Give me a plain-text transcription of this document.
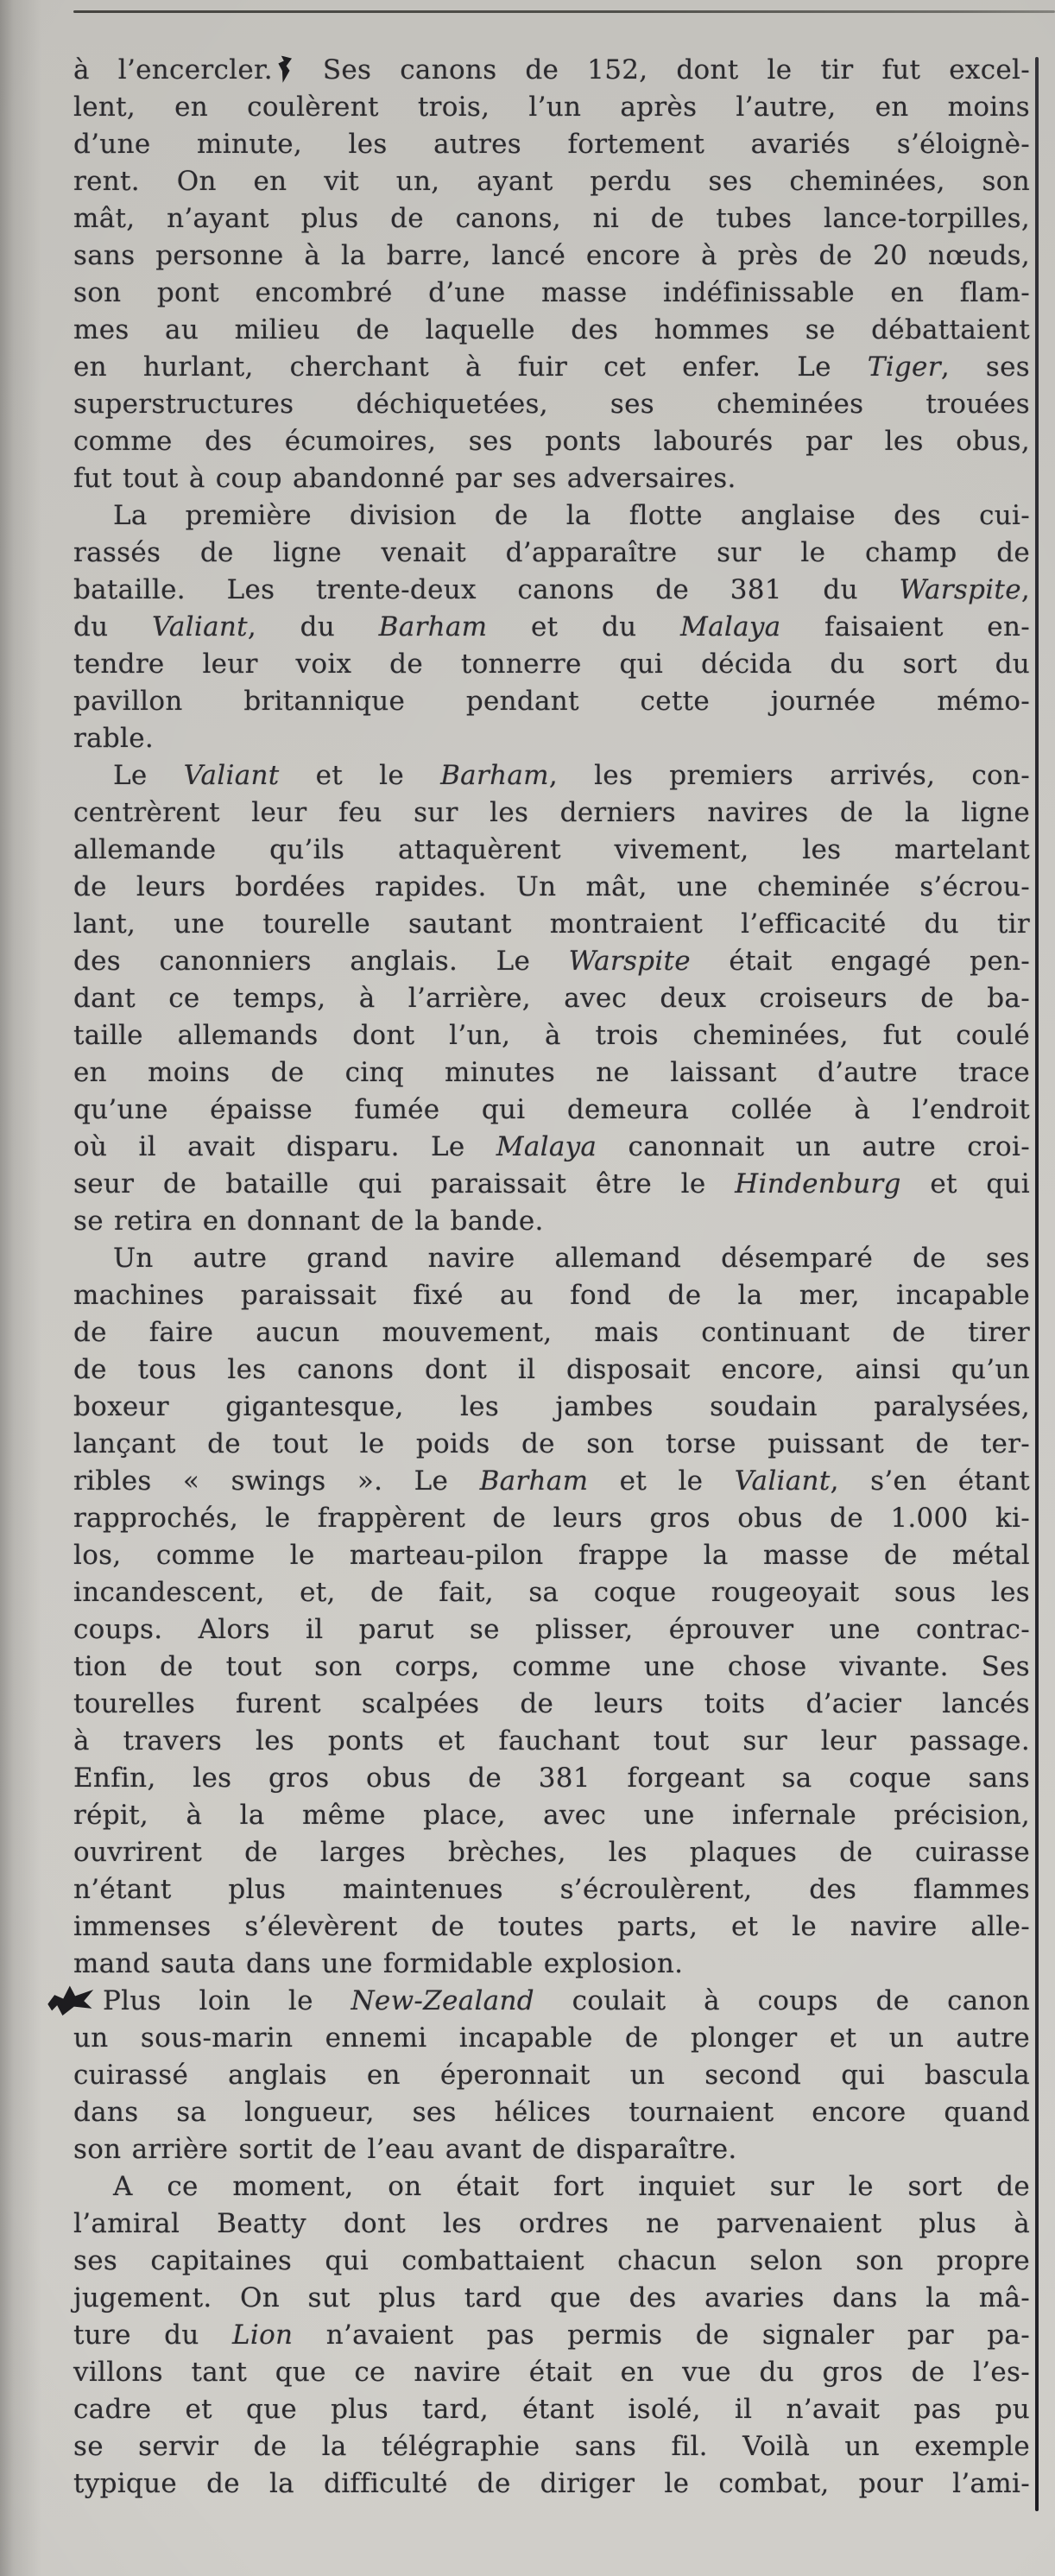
à l’encercler. Ses canons de 152, dont le tir fut excel-
lent, en coulèrent trois, l’un après l’autre, en moins
d’une minute, les autres fortement avariés s’éloignè-
rent. On en vit un, ayant perdu ses cheminées, son
mât, n’ayant plus de canons, ni de tubes lance-torpilles,
sans personne à la barre, lancé encore à près de 20 nœuds,
son pont encombré d’une masse indéfinissable en flam-
mes au milieu de laquelle des hommes se débattaient
en hurlant, cherchant à fuir cet enfer. Le Tiger, ses
superstructures déchiquetées, ses cheminées trouées
comme des écumoires, ses ponts labourés par les obus,
fut tout à coup abandonné par ses adversaires.
La première division de la flotte anglaise des cui-
rassés de ligne venait d’apparaître sur le champ de
bataille. Les trente-deux canons de 381 du Warspite,
du Valiant, du Barham et du Malaya faisaient en-
tendre leur voix de tonnerre qui décida du sort du
pavillon britannique pendant cette journée mémo-
rable.
Le Valiant et le Barham, les premiers arrivés, con-
centrèrent leur feu sur les derniers navires de la ligne
allemande qu’ils attaquèrent vivement, les martelant
de leurs bordées rapides. Un mât, une cheminée s’écrou-
lant, une tourelle sautant montraient l’efficacité du tir
des canonniers anglais. Le Warspite était engagé pen-
dant ce temps, à l’arrière, avec deux croiseurs de ba-
taille allemands dont l’un, à trois cheminées, fut coulé
en moins de cinq minutes ne laissant d’autre trace
qu’une épaisse fumée qui demeura collée à l’endroit
où il avait disparu. Le Malaya canonnait un autre croi-
seur de bataille qui paraissait être le Hindenburg et qui
se retira en donnant de la bande.
Un autre grand navire allemand désemparé de ses
machines paraissait fixé au fond de la mer, incapable
de faire aucun mouvement, mais continuant de tirer
de tous les canons dont il disposait encore, ainsi qu’un
boxeur gigantesque, les jambes soudain paralysées,
lançant de tout le poids de son torse puissant de ter-
ribles « swings ». Le Barham et le Valiant, s’en étant
rapprochés, le frappèrent de leurs gros obus de 1.000 ki-
los, comme le marteau-pilon frappe la masse de métal
incandescent, et, de fait, sa coque rougeoyait sous les
coups. Alors il parut se plisser, éprouver une contrac-
tion de tout son corps, comme une chose vivante. Ses
tourelles furent scalpées de leurs toits d’acier lancés
à travers les ponts et fauchant tout sur leur passage.
Enfin, les gros obus de 381 forgeant sa coque sans
répit, à la même place, avec une infernale précision,
ouvrirent de larges brèches, les plaques de cuirasse
n’étant plus maintenues s’écroulèrent, des flammes
immenses s’élevèrent de toutes parts, et le navire alle-
mand sauta dans une formidable explosion.
Plus loin le New-Zealand coulait à coups de canon
un sous-marin ennemi incapable de plonger et un autre
cuirassé anglais en éperonnait un second qui bascula
dans sa longueur, ses hélices tournaient encore quand
son arrière sortit de l’eau avant de disparaître.
A ce moment, on était fort inquiet sur le sort de
l’amiral Beatty dont les ordres ne parvenaient plus à
ses capitaines qui combattaient chacun selon son propre
jugement. On sut plus tard que des avaries dans la mâ-
ture du Lion n’avaient pas permis de signaler par pa-
villons tant que ce navire était en vue du gros de l’es-
cadre et que plus tard, étant isolé, il n’avait pas pu
se servir de la télégraphie sans fil. Voilà un exemple
typique de la difficulté de diriger le combat, pour l’ami-
